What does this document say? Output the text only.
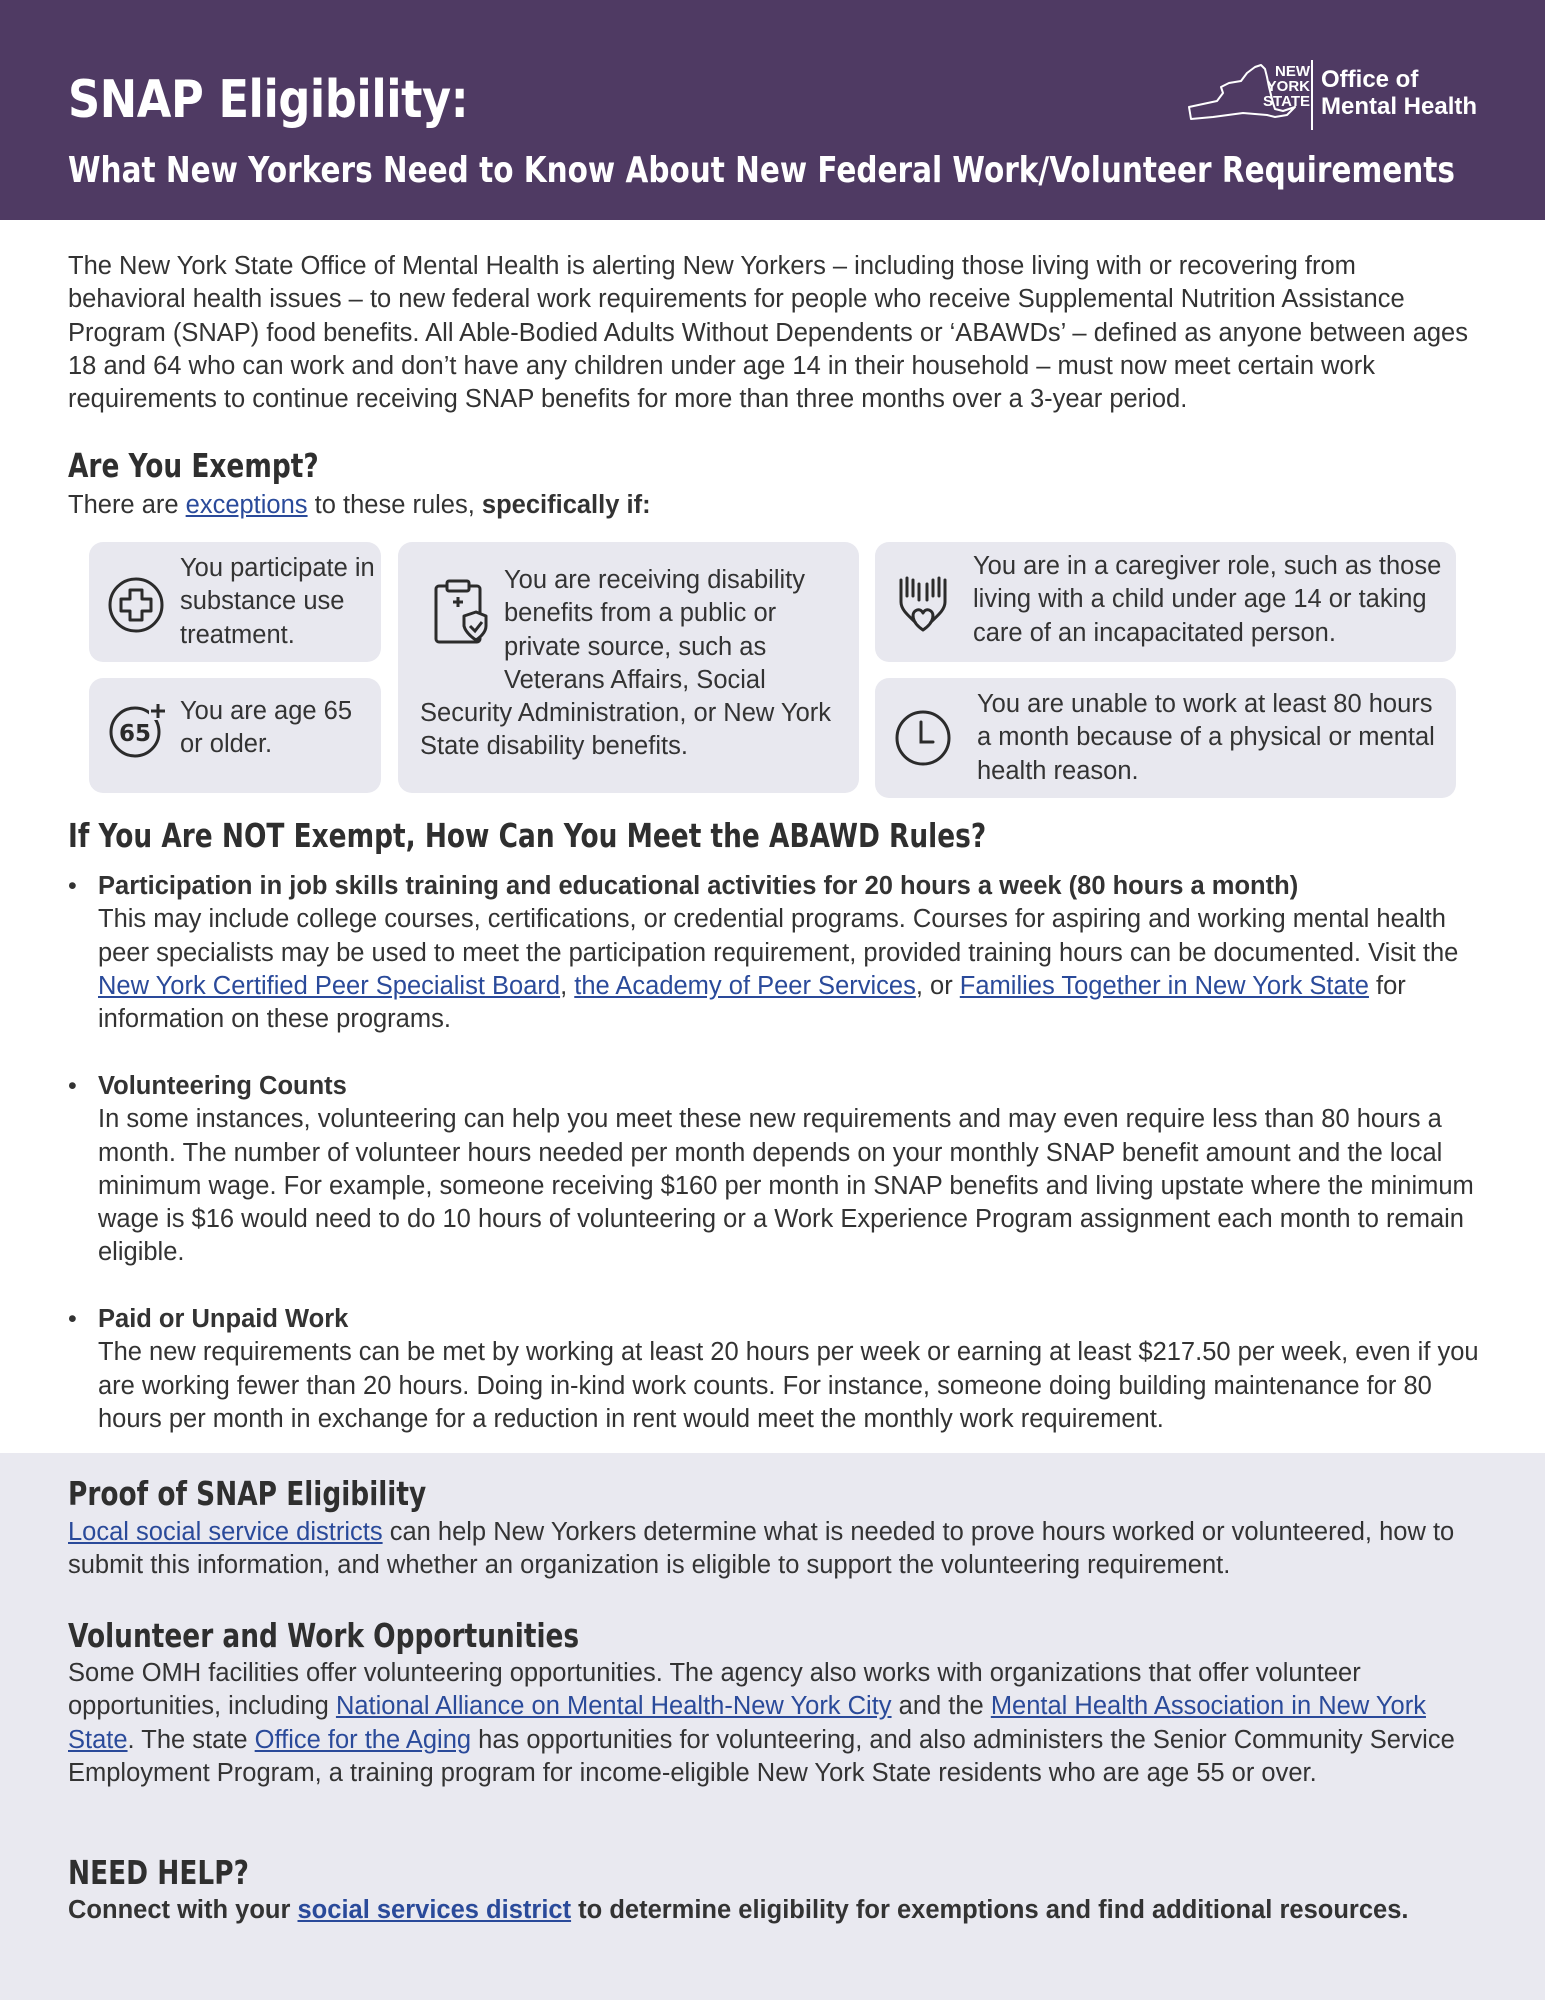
SNAP Eligibility:
What New Yorkers Need to Know About New Federal Work/Volunteer Requirements
NEW
YORK
STATE
Office of
Mental Health

The New York State Office of Mental Health is alerting New Yorkers – including those living with or recovering from behavioral health issues – to new federal work requirements for people who receive Supplemental Nutrition Assistance Program (SNAP) food benefits. All Able-Bodied Adults Without Dependents or ‘ABAWDs’ – defined as anyone between ages 18 and 64 who can work and don’t have any children under age 14 in their household – must now meet certain work requirements to continue receiving SNAP benefits for more than three months over a 3-year period.

Are You Exempt?

There are exceptions to these rules, specifically if:

You participate in substance use treatment.
65
You are age 65 or older.
You are receiving disability benefits from a public or private source, such as Veterans Affairs, Social Security Administration, or New York State disability benefits.
You are in a caregiver role, such as those living with a child under age 14 or taking care of an incapacitated person.
You are unable to work at least 80 hours a month because of a physical or mental health reason.
If You Are NOT Exempt, How Can You Meet the ABAWD Rules?
• Participation in job skills training and educational activities for 20 hours a week (80 hours a month)

This may include college courses, certifications, or credential programs. Courses for aspiring and working mental health peer specialists may be used to meet the participation requirement, provided training hours can be documented. Visit the New York Certified Peer Specialist Board, the Academy of Peer Services, or Families Together in New York State for information on these programs.

• Volunteering Counts

In some instances, volunteering can help you meet these new requirements and may even require less than 80 hours a month. The number of volunteer hours needed per month depends on your monthly SNAP benefit amount and the local minimum wage. For example, someone receiving $160 per month in SNAP benefits and living upstate where the minimum wage is $16 would need to do 10 hours of volunteering or a Work Experience Program assignment each month to remain eligible.

• Paid or Unpaid Work

The new requirements can be met by working at least 20 hours per week or earning at least $217.50 per week, even if you are working fewer than 20 hours. Doing in-kind work counts. For instance, someone doing building maintenance for 80 hours per month in exchange for a reduction in rent would meet the monthly work requirement.

Proof of SNAP Eligibility

Local social service districts can help New Yorkers determine what is needed to prove hours worked or volunteered, how to submit this information, and whether an organization is eligible to support the volunteering requirement.

Volunteer and Work Opportunities

Some OMH facilities offer volunteering opportunities. The agency also works with organizations that offer volunteer opportunities, including National Alliance on Mental Health-New York City and the Mental Health Association in New York State. The state Office for the Aging has opportunities for volunteering, and also administers the Senior Community Service Employment Program, a training program for income-eligible New York State residents who are age 55 or over.

NEED HELP?

Connect with your social services district to determine eligibility for exemptions and find additional resources.
